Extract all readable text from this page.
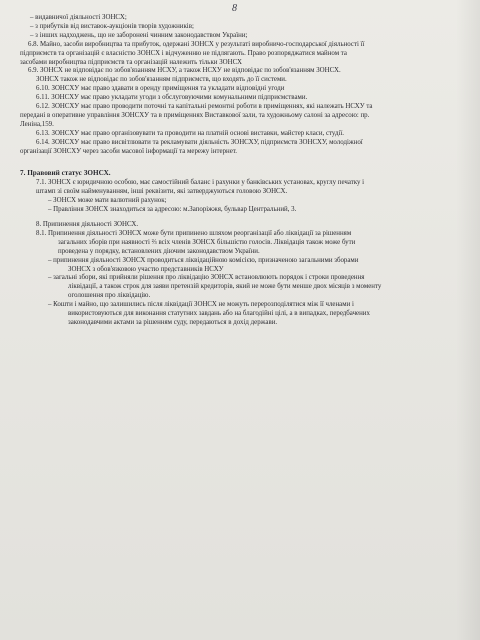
8
– видавничої діяльності ЗОНСХ;
– з прибутків від виставок-аукціонів творів художників;
– з інших надходжень, що не заборонені чинним законодавством України;
6.8. Майно, засоби виробництва та прибуток, одержані ЗОНСХ у результаті виробничо-господарської діяльності її
підприємств та організацій є власністю ЗОНСХ і відчуженню не підлягають. Право розпоряджатися майном та
засобами виробництва підприємств та організацій належить тільки ЗОНСХ
6.9. ЗОНСХ не відповідає по зобов'язанням НСХУ, а також НСХУ не відповідає по зобов'язанням ЗОНСХ.
ЗОНСХ також не відповідає по зобов'язанням підприємств, що входять до її системи.
6.10. ЗОНСХУ має право здавати в оренду приміщення та укладати відповідні угоди
6.11. ЗОНСХУ має право укладати угоди з обслуговуючими комунальними підприємствами.
6.12. ЗОНСХУ має право проводити поточні та капітальні ремонтні роботи в приміщеннях, які належать НСХУ та
передані в оперативне управління ЗОНСХУ та в приміщеннях Виставкової зали, та художньому салоні за адресою: пр.
Леніна,159.
6.13. ЗОНСХУ має право організовувати та проводити на платній основі виставки, майстер класи, студії.
6.14. ЗОНСХУ має право висвітлювати та рекламувати діяльність ЗОНСХУ, підприємств ЗОНСХУ, молодіжної
організації ЗОНСХУ через засоби масової інформації та мережу інтернет.
7. Правовий статус ЗОНСХ.
7.1. ЗОНСХ є юридичною особою, має самостійний баланс і рахунки у банківських установах, круглу печатку і
штамп зі своїм найменуванням, інші реквізити, які затверджуються головою ЗОНСХ.
– ЗОНСХ може мати валютний рахунок;
– Правління ЗОНСХ знаходиться за адресою: м.Запоріжжя, бульвар Центральний, 3.
8. Припинення діяльності ЗОНСХ.
8.1. Припинення діяльності ЗОНСХ може бути припинено шляхом реорганізації або ліквідації за рішенням
загальних зборів при наявності ⅔ всіх членів ЗОНСХ більшістю голосів. Ліквідація також може бути
проведена у порядку, встановлених діючим законодавством України.
– припинення діяльності ЗОНСХ проводиться ліквідаційною комісією, призначеною загальними зборами
ЗОНСХ з обов'язковою участю представників НСХУ
– загальні збори, які прийняли рішення про ліквідацію ЗОНСХ встановлюють порядок і строки проведення
ліквідації, а також строк для заяви претензій кредиторів, який не може бути менше двох місяців з моменту
оголошення про ліквідацію.
– Кошти і майно, що залишились після ліквідації ЗОНСХ не можуть перерозподілятися між її членами і
використовуються для виконання статутних завдань або на благодійні цілі, а в випадках, передбачених
законодавчими актами за рішенням суду, передаються в дохід держави.
